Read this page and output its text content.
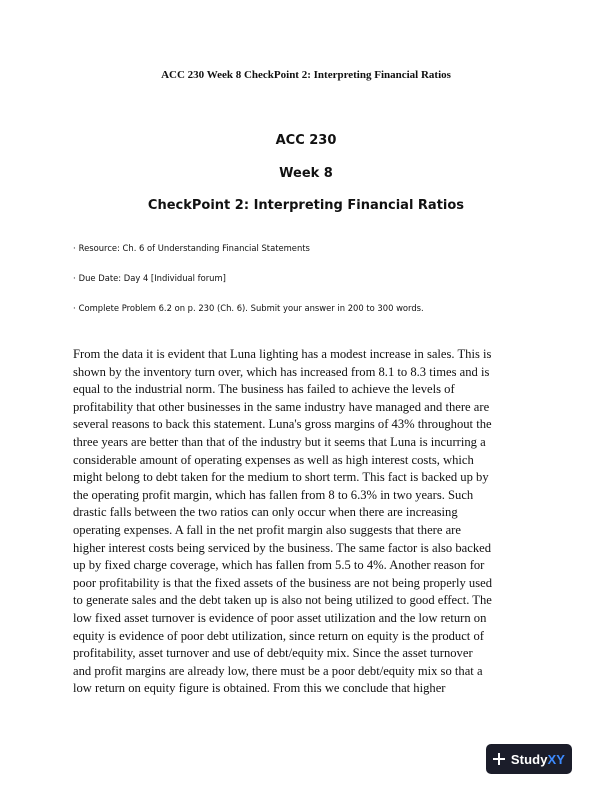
ACC 230 Week 8 CheckPoint 2: Interpreting Financial Ratios
ACC 230
Week 8
CheckPoint 2: Interpreting Financial Ratios
· Resource: Ch. 6 of Understanding Financial Statements
· Due Date: Day 4 [Individual forum]
· Complete Problem 6.2 on p. 230 (Ch. 6). Submit your answer in 200 to 300 words.

From the data it is evident that Luna lighting has a modest increase in sales. This is
shown by the inventory turn over, which has increased from 8.1 to 8.3 times and is
equal to the industrial norm. The business has failed to achieve the levels of
profitability that other businesses in the same industry have managed and there are
several reasons to back this statement. Luna's gross margins of 43% throughout the
three years are better than that of the industry but it seems that Luna is incurring a
considerable amount of operating expenses as well as high interest costs, which
might belong to debt taken for the medium to short term. This fact is backed up by
the operating profit margin, which has fallen from 8 to 6.3% in two years. Such
drastic falls between the two ratios can only occur when there are increasing
operating expenses. A fall in the net profit margin also suggests that there are
higher interest costs being serviced by the business. The same factor is also backed
up by fixed charge coverage, which has fallen from 5.5 to 4%. Another reason for
poor profitability is that the fixed assets of the business are not being properly used
to generate sales and the debt taken up is also not being utilized to good effect. The
low fixed asset turnover is evidence of poor asset utilization and the low return on
equity is evidence of poor debt utilization, since return on equity is the product of
profitability, asset turnover and use of debt/equity mix. Since the asset turnover
and profit margins are already low, there must be a poor debt/equity mix so that a
low return on equity figure is obtained. From this we conclude that higher

StudyXY
